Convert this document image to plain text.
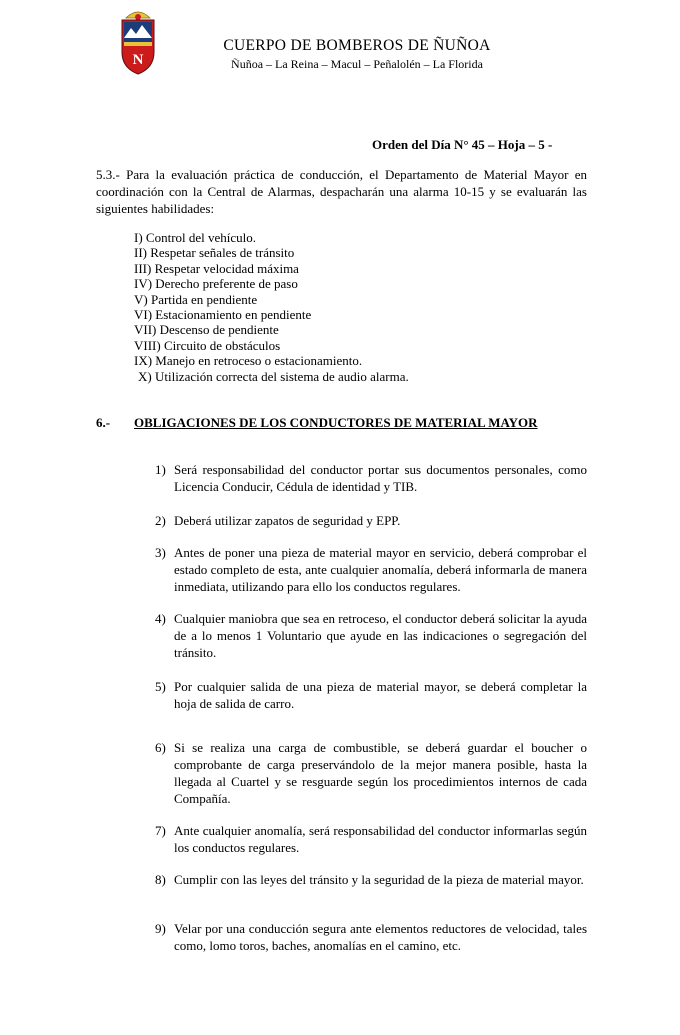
N
CUERPO DE BOMBEROS DE ÑUÑOA
Ñuñoa – La Reina – Macul – Peñalolén – La Florida
Orden del Día N° 45 – Hoja – 5 -

5.3.- Para la evaluación práctica de conducción, el Departamento de Material Mayor en coordinación con la Central de Alarmas, despacharán una alarma 10-15 y se evaluarán las siguientes habilidades:

I) Control del vehículo.
II) Respetar señales de tránsito
III) Respetar velocidad máxima
IV) Derecho preferente de paso
V) Partida en pendiente
VI) Estacionamiento en pendiente
VII) Descenso de pendiente
VIII) Circuito de obstáculos
IX) Manejo en retroceso o estacionamiento.
X) Utilización correcta del sistema de audio alarma.
6.- OBLIGACIONES DE LOS CONDUCTORES DE MATERIAL MAYOR
1) Será responsabilidad del conductor portar sus documentos personales, como Licencia Conducir, Cédula de identidad y TIB.

2) Deberá utilizar zapatos de seguridad y EPP.

3) Antes de poner una pieza de material mayor en servicio, deberá comprobar el estado completo de esta, ante cualquier anomalía, deberá informarla de manera inmediata, utilizando para ello los conductos regulares.

4) Cualquier maniobra que sea en retroceso, el conductor deberá solicitar la ayuda de a lo menos 1 Voluntario que ayude en las indicaciones o segregación del tránsito.

5) Por cualquier salida de una pieza de material mayor, se deberá completar la hoja de salida de carro.

6) Si se realiza una carga de combustible, se deberá guardar el boucher o comprobante de carga preservándolo de la mejor manera posible, hasta la llegada al Cuartel y se resguarde según los procedimientos internos de cada Compañía.

7) Ante cualquier anomalía, será responsabilidad del conductor informarlas según los conductos regulares.

8) Cumplir con las leyes del tránsito y la seguridad de la pieza de material mayor.

9) Velar por una conducción segura ante elementos reductores de velocidad, tales como, lomo toros, baches, anomalías en el camino, etc.
